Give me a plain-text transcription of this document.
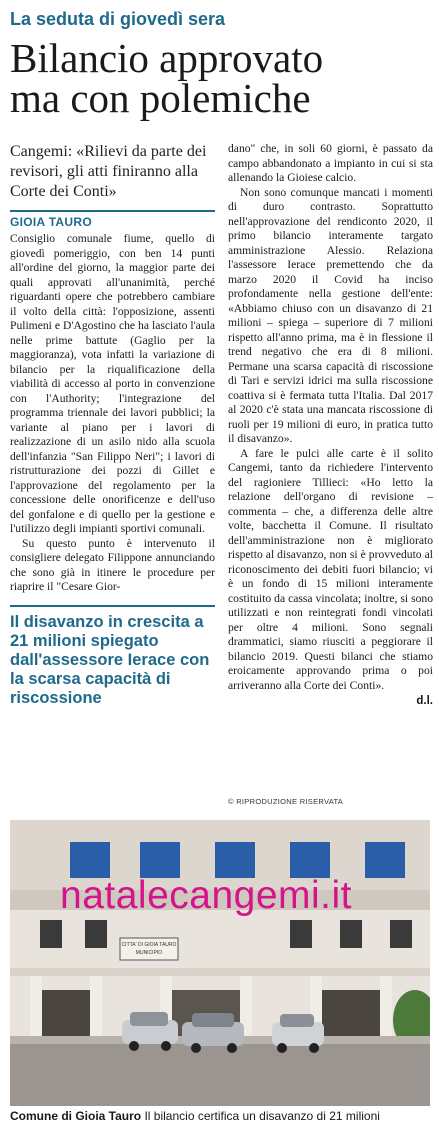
La seduta di giovedì sera
Bilancio approvato
ma con polemiche
Cangemi: «Rilievi da parte dei revisori, gli atti finiranno alla Corte dei Conti»
GIOIA TAURO

Consiglio comunale fiume, quello di giovedì pomeriggio, con ben 14 punti all'ordine del giorno, la maggior parte dei quali approvati all'unanimità, perché riguardanti opere che potrebbero cambiare il volto della città: l'opposizione, assenti Pulimeni e D'Agostino che ha lasciato l'aula nelle prime battute (Gaglio per la maggioranza), vota infatti la variazione di bilancio per la riqualificazione della viabilità di accesso al porto in convenzione con l'Authority; l'integrazione del programma triennale dei lavori pubblici; la variante al piano per i lavori di realizzazione di un asilo nido alla scuola dell'infanzia "San Filippo Neri"; i lavori di ristrutturazione dei pozzi di Gillet e l'approvazione del regolamento per la concessione delle onorificenze e dell'uso del gonfalone e di quello per la gestione e l'utilizzo degli impianti sportivi comunali.

Su questo punto è intervenuto il consigliere delegato Filippone annunciando che sono già in itinere le procedure per riaprire il "Cesare Gior-

Il disavanzo in crescita a 21 milioni spiegato dall'assessore Ierace con la scarsa capacità di riscossione

dano" che, in soli 60 giorni, è passato da campo abbandonato a impianto in cui si sta allenando la Gioiese calcio.

Non sono comunque mancati i momenti di duro contrasto. Soprattutto nell'approvazione del rendiconto 2020, il primo bilancio interamente targato amministrazione Alessio. Relaziona l'assessore Ierace premettendo che da marzo 2020 il Covid ha inciso profondamente nella gestione dell'ente: «Abbiamo chiuso con un disavanzo di 21 milioni – spiega – superiore di 7 milioni rispetto all'anno prima, ma è in flessione il trend negativo che era di 8 milioni. Permane una scarsa capacità di riscossione di Tari e servizi idrici ma sulla riscossione coattiva si è fermata tutta l'Italia. Dal 2017 al 2020 c'è stata una mancata riscossione di ruoli per 19 milioni di euro, in pratica tutto il disavanzo».

A fare le pulci alle carte è il solito Cangemi, tanto da richiedere l'intervento del ragioniere Tillieci: «Ho letto la relazione dell'organo di revisione – commenta – che, a differenza delle altre volte, bacchetta il Comune. Il risultato dell'amministrazione non è migliorato rispetto al disavanzo, non si è provveduto al riconoscimento dei debiti fuori bilancio; vi è un fondo di 15 milioni interamente costituito da cassa vincolata; inoltre, si sono utilizzati e non reintegrati fondi vincolati per oltre 4 milioni. Sono segnali drammatici, siamo riusciti a peggiorare il bilancio 2019. Questi bilanci che stiamo eroicamente approvando prima o poi arriveranno alla Corte dei Conti».

d.l.
© RIPRODUZIONE RISERVATA
CITTA' DI GIOIA TAURO
MUNICIPIO
natalecangemi.it
Comune di Gioia Tauro Il bilancio certifica un disavanzo di 21 milioni
